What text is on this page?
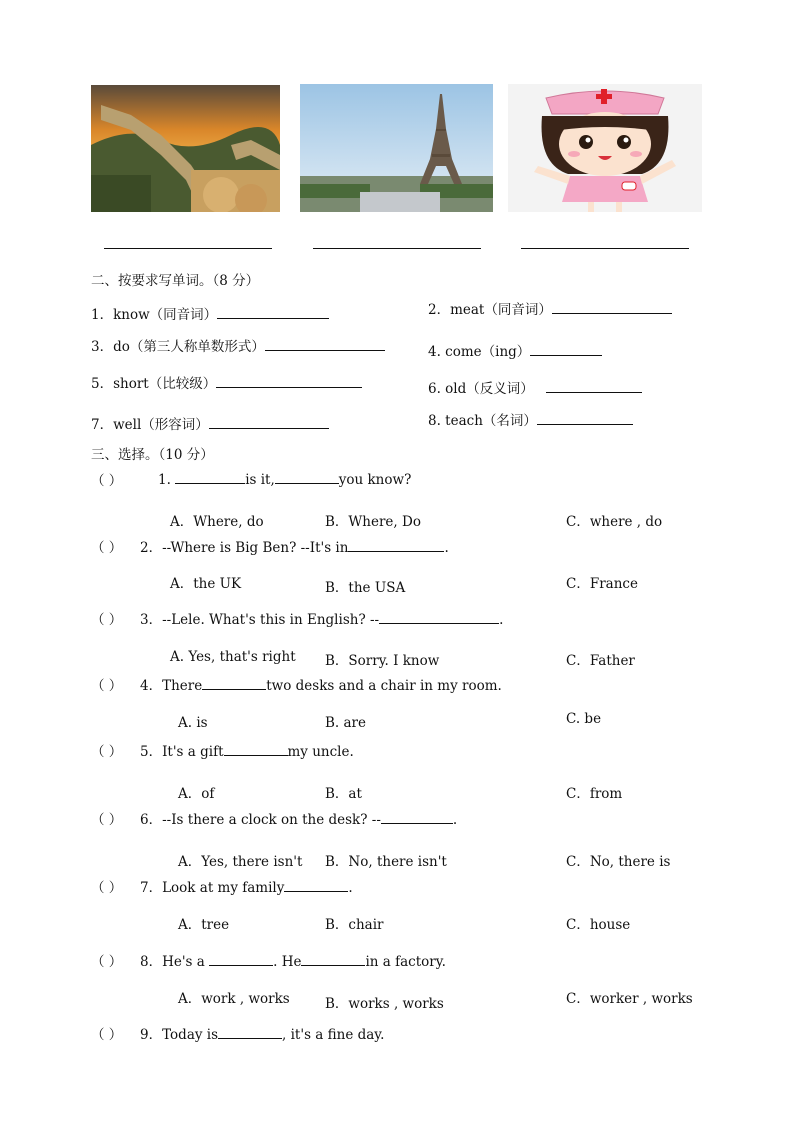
二、按要求写单词。（8 分）
1．know（同音词）	2．meat（同音词）
3．do（第三人称单数形式）	4. come（ing）
5．short（比较级）	6. old（反义词）
7．well（形容词）	8. teach（名词）
三、选择。（10 分）
（ ）	1.	is it,	you know?
A．Where, do	B．Where, Do	C．where , do
（ ） 2．--Where is Big Ben? --It's in	.
A．the UK	B．the USA	C．France
（ ） 3．--Lele. What's this in English? --	.
A. Yes, that's right B．Sorry. I know	C．Father
（ ） 4．There	two desks and a chair in my room.
A. is	B. are	C. be
（ ） 5．It's a gift	my uncle.
A．of	B．at	C．from
（ ） 6．--Is there a clock on the desk? --	.
A．Yes, there isn't B．No, there isn't	C．No, there is
（ ） 7．Look at my family	.
A．tree	B．chair	C．house
（ ） 8．He's a	. He	in a factory.
A．work , works	B．works , works	C．worker , works
（ ） 9．Today is	, it's a fine day.
